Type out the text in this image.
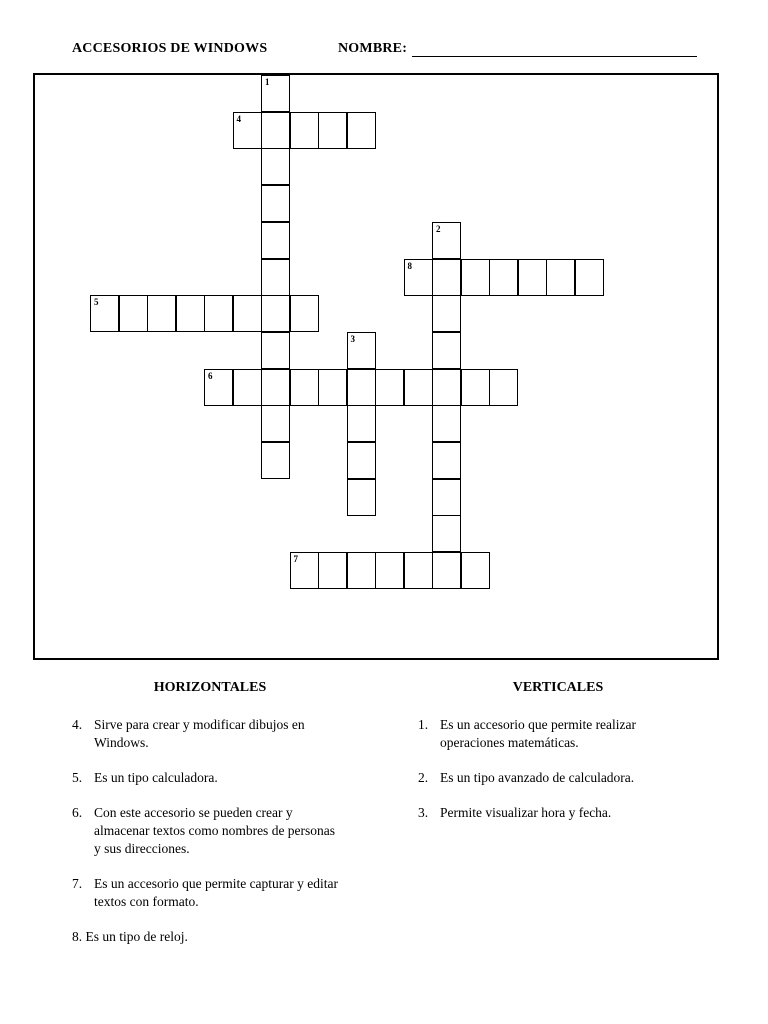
ACCESORIOS DE WINDOWS	NOMBRE:
1
2
3
4
5
6
7
8
HORIZONTALES	VERTICALES
4. Sirve para crear y modificar dibujos en Windows.
5. Es un tipo calculadora.
6. Con este accesorio se pueden crear y almacenar textos como nombres de personas y sus direcciones.
7. Es un accesorio que permite capturar y editar textos con formato.
8. Es un tipo de reloj.
1. Es un accesorio que permite realizar operaciones matemáticas.
2. Es un tipo avanzado de calculadora.
3. Permite visualizar hora y fecha.
